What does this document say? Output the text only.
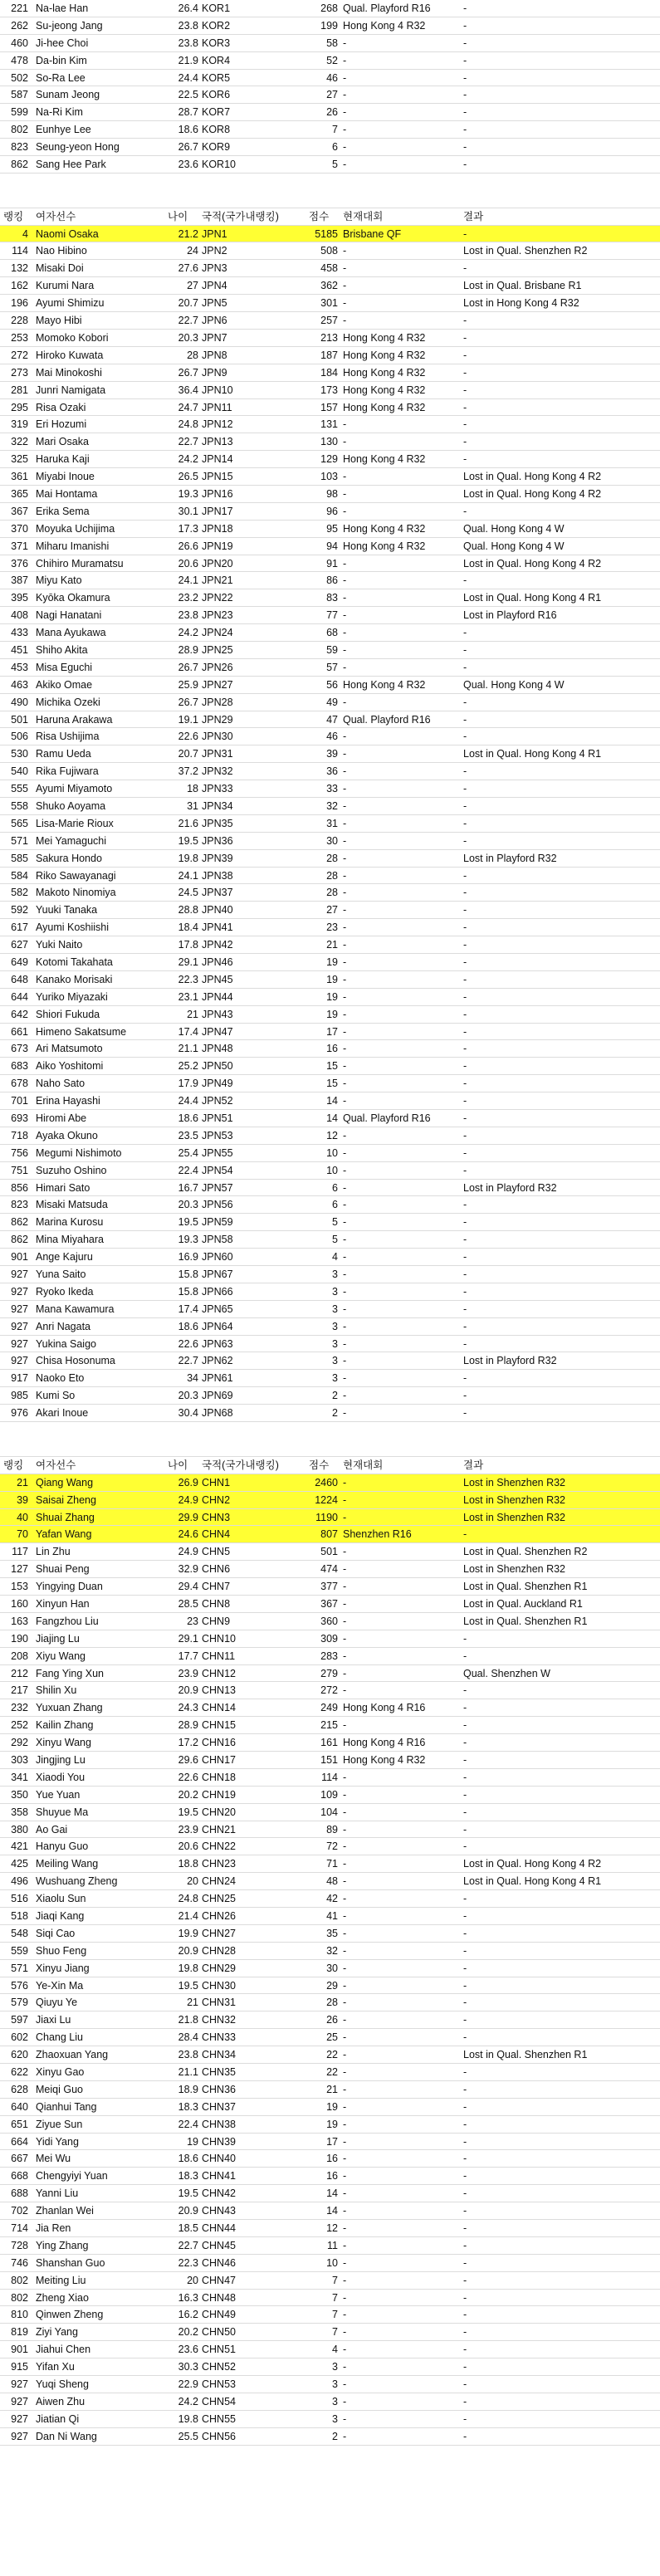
221 Na-lae Han	26.4 KOR1	268 Qual. Playford R16	-
262 Su-jeong Jang	23.8 KOR2	199 Hong Kong 4 R32	-
460 Ji-hee Choi	23.8 KOR3	58 -	-
478 Da-bin Kim	21.9 KOR4	52 -	-
502 So-Ra Lee	24.4 KOR5	46 -	-
587 Sunam Jeong	22.5 KOR6	27 -	-
599 Na-Ri Kim	28.7 KOR7	26 -	-
802 Eunhye Lee	18.6 KOR8	7 -	-
823 Seung-yeon Hong	26.7 KOR9	6 -	-
862 Sang Hee Park	23.6 KOR10	5 -	-
랭킹	여자선수	나이	국적(국가내랭킹)	점수	현재대회	결과
4 Naomi Osaka	21.2 JPN1	5185 Brisbane QF	-
114 Nao Hibino	24 JPN2	508 -	Lost in Qual. Shenzhen R2
132 Misaki Doi	27.6 JPN3	458 -	-
162 Kurumi Nara	27 JPN4	362 -	Lost in Qual. Brisbane R1
196 Ayumi Shimizu	20.7 JPN5	301 -	Lost in Hong Kong 4 R32
228 Mayo Hibi	22.7 JPN6	257 -	-
253 Momoko Kobori	20.3 JPN7	213 Hong Kong 4 R32	-
272 Hiroko Kuwata	28 JPN8	187 Hong Kong 4 R32	-
273 Mai Minokoshi	26.7 JPN9	184 Hong Kong 4 R32	-
281 Junri Namigata	36.4 JPN10	173 Hong Kong 4 R32	-
295 Risa Ozaki	24.7 JPN11	157 Hong Kong 4 R32	-
319 Eri Hozumi	24.8 JPN12	131 -	-
322 Mari Osaka	22.7 JPN13	130 -	-
325 Haruka Kaji	24.2 JPN14	129 Hong Kong 4 R32	-
361 Miyabi Inoue	26.5 JPN15	103 -	Lost in Qual. Hong Kong 4 R2
365 Mai Hontama	19.3 JPN16	98 -	Lost in Qual. Hong Kong 4 R2
367 Erika Sema	30.1 JPN17	96 -	-
370 Moyuka Uchijima	17.3 JPN18	95 Hong Kong 4 R32	Qual. Hong Kong 4 W
371 Miharu Imanishi	26.6 JPN19	94 Hong Kong 4 R32	Qual. Hong Kong 4 W
376 Chihiro Muramatsu	20.6 JPN20	91 -	Lost in Qual. Hong Kong 4 R2
387 Miyu Kato	24.1 JPN21	86 -	-
395 Kyōka Okamura	23.2 JPN22	83 -	Lost in Qual. Hong Kong 4 R1
408 Nagi Hanatani	23.8 JPN23	77 -	Lost in Playford R16
433 Mana Ayukawa	24.2 JPN24	68 -	-
451 Shiho Akita	28.9 JPN25	59 -	-
453 Misa Eguchi	26.7 JPN26	57 -	-
463 Akiko Omae	25.9 JPN27	56 Hong Kong 4 R32	Qual. Hong Kong 4 W
490 Michika Ozeki	26.7 JPN28	49 -	-
501 Haruna Arakawa	19.1 JPN29	47 Qual. Playford R16	-
506 Risa Ushijima	22.6 JPN30	46 -	-
530 Ramu Ueda	20.7 JPN31	39 -	Lost in Qual. Hong Kong 4 R1
540 Rika Fujiwara	37.2 JPN32	36 -	-
555 Ayumi Miyamoto	18 JPN33	33 -	-
558 Shuko Aoyama	31 JPN34	32 -	-
565 Lisa-Marie Rioux	21.6 JPN35	31 -	-
571 Mei Yamaguchi	19.5 JPN36	30 -	-
585 Sakura Hondo	19.8 JPN39	28 -	Lost in Playford R32
584 Riko Sawayanagi	24.1 JPN38	28 -	-
582 Makoto Ninomiya	24.5 JPN37	28 -	-
592 Yuuki Tanaka	28.8 JPN40	27 -	-
617 Ayumi Koshiishi	18.4 JPN41	23 -	-
627 Yuki Naito	17.8 JPN42	21 -	-
649 Kotomi Takahata	29.1 JPN46	19 -	-
648 Kanako Morisaki	22.3 JPN45	19 -	-
644 Yuriko Miyazaki	23.1 JPN44	19 -	-
642 Shiori Fukuda	21 JPN43	19 -	-
661 Himeno Sakatsume	17.4 JPN47	17 -	-
673 Ari Matsumoto	21.1 JPN48	16 -	-
683 Aiko Yoshitomi	25.2 JPN50	15 -	-
678 Naho Sato	17.9 JPN49	15 -	-
701 Erina Hayashi	24.4 JPN52	14 -	-
693 Hiromi Abe	18.6 JPN51	14 Qual. Playford R16	-
718 Ayaka Okuno	23.5 JPN53	12 -	-
756 Megumi Nishimoto	25.4 JPN55	10 -	-
751 Suzuho Oshino	22.4 JPN54	10 -	-
856 Himari Sato	16.7 JPN57	6 -	Lost in Playford R32
823 Misaki Matsuda	20.3 JPN56	6 -	-
862 Marina Kurosu	19.5 JPN59	5 -	-
862 Mina Miyahara	19.3 JPN58	5 -	-
901 Ange Kajuru	16.9 JPN60	4 -	-
927 Yuna Saito	15.8 JPN67	3 -	-
927 Ryoko Ikeda	15.8 JPN66	3 -	-
927 Mana Kawamura	17.4 JPN65	3 -	-
927 Anri Nagata	18.6 JPN64	3 -	-
927 Yukina Saigo	22.6 JPN63	3 -	-
927 Chisa Hosonuma	22.7 JPN62	3 -	Lost in Playford R32
917 Naoko Eto	34 JPN61	3 -	-
985 Kumi So	20.3 JPN69	2 -	-
976 Akari Inoue	30.4 JPN68	2 -	-
랭킹	여자선수	나이	국적(국가내랭킹)	점수	현재대회	결과
21 Qiang Wang	26.9 CHN1	2460 -	Lost in Shenzhen R32
39 Saisai Zheng	24.9 CHN2	1224 -	Lost in Shenzhen R32
40 Shuai Zhang	29.9 CHN3	1190 -	Lost in Shenzhen R32
70 Yafan Wang	24.6 CHN4	807 Shenzhen R16	-
117 Lin Zhu	24.9 CHN5	501 -	Lost in Qual. Shenzhen R2
127 Shuai Peng	32.9 CHN6	474 -	Lost in Shenzhen R32
153 Yingying Duan	29.4 CHN7	377 -	Lost in Qual. Shenzhen R1
160 Xinyun Han	28.5 CHN8	367 -	Lost in Qual. Auckland R1
163 Fangzhou Liu	23 CHN9	360 -	Lost in Qual. Shenzhen R1
190 Jiajing Lu	29.1 CHN10	309 -	-
208 Xiyu Wang	17.7 CHN11	283 -	-
212 Fang Ying Xun	23.9 CHN12	279 -	Qual. Shenzhen W
217 Shilin Xu	20.9 CHN13	272 -	-
232 Yuxuan Zhang	24.3 CHN14	249 Hong Kong 4 R16	-
252 Kailin Zhang	28.9 CHN15	215 -	-
292 Xinyu Wang	17.2 CHN16	161 Hong Kong 4 R16	-
303 Jingjing Lu	29.6 CHN17	151 Hong Kong 4 R32	-
341 Xiaodi You	22.6 CHN18	114 -	-
350 Yue Yuan	20.2 CHN19	109 -	-
358 Shuyue Ma	19.5 CHN20	104 -	-
380 Ao Gai	23.9 CHN21	89 -	-
421 Hanyu Guo	20.6 CHN22	72 -	-
425 Meiling Wang	18.8 CHN23	71 -	Lost in Qual. Hong Kong 4 R2
496 Wushuang Zheng	20 CHN24	48 -	Lost in Qual. Hong Kong 4 R1
516 Xiaolu Sun	24.8 CHN25	42 -	-
518 Jiaqi Kang	21.4 CHN26	41 -	-
548 Siqi Cao	19.9 CHN27	35 -	-
559 Shuo Feng	20.9 CHN28	32 -	-
571 Xinyu Jiang	19.8 CHN29	30 -	-
576 Ye-Xin Ma	19.5 CHN30	29 -	-
579 Qiuyu Ye	21 CHN31	28 -	-
597 Jiaxi Lu	21.8 CHN32	26 -	-
602 Chang Liu	28.4 CHN33	25 -	-
620 Zhaoxuan Yang	23.8 CHN34	22 -	Lost in Qual. Shenzhen R1
622 Xinyu Gao	21.1 CHN35	22 -	-
628 Meiqi Guo	18.9 CHN36	21 -	-
640 Qianhui Tang	18.3 CHN37	19 -	-
651 Ziyue Sun	22.4 CHN38	19 -	-
664 Yidi Yang	19 CHN39	17 -	-
667 Mei Wu	18.6 CHN40	16 -	-
668 Chengyiyi Yuan	18.3 CHN41	16 -	-
688 Yanni Liu	19.5 CHN42	14 -	-
702 Zhanlan Wei	20.9 CHN43	14 -	-
714 Jia Ren	18.5 CHN44	12 -	-
728 Ying Zhang	22.7 CHN45	11 -	-
746 Shanshan Guo	22.3 CHN46	10 -	-
802 Meiting Liu	20 CHN47	7 -	-
802 Zheng Xiao	16.3 CHN48	7 -	-
810 Qinwen Zheng	16.2 CHN49	7 -	-
819 Ziyi Yang	20.2 CHN50	7 -	-
901 Jiahui Chen	23.6 CHN51	4 -	-
915 Yifan Xu	30.3 CHN52	3 -	-
927 Yuqi Sheng	22.9 CHN53	3 -	-
927 Aiwen Zhu	24.2 CHN54	3 -	-
927 Jiatian Qi	19.8 CHN55	3 -	-
927 Dan Ni Wang	25.5 CHN56	2 -	-
